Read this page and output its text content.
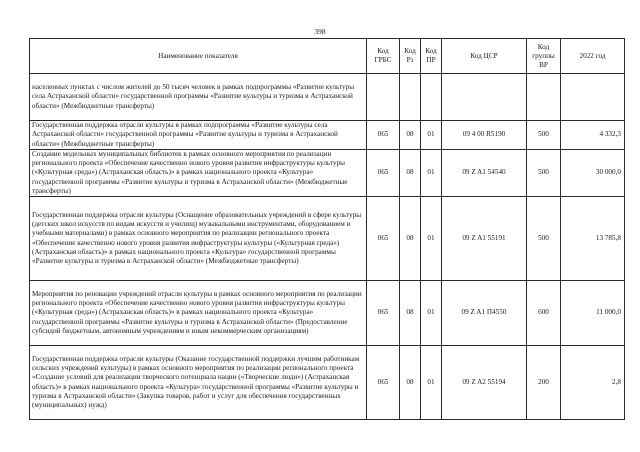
398
Наименование показателя	Код ГРБС	Код Рз	Код ПР	Код ЦСР	Код группы ВР	2022 год
населенных пунктах с числом жителей до 50 тысяч человек в рамках подпрограммы «Развитие культуры села Астраханской области» государственной программы «Развитие культуры и туризма в Астраханской области» (Межбюджетные трансферты)						
Государственная поддержка отрасли культуры в рамках подпрограммы «Развитие культуры села Астраханской области» государственной программы «Развитие культуры и туризма в Астраханской области» (Межбюджетные трансферты)	065	08	01	09 4 00 R5190	500	4 332,3
Создание модельных муниципальных библиотек в рамках основного мероприятия по реализации регионального проекта «Обеспечение качественно нового уровня развития инфраструктуры культуры («Культурная среда») (Астраханская область)» в рамках национального проекта «Культура» государственной программы «Развитие культуры и туризма в Астраханской области» (Межбюджетные трансферты)	065	08	01	09 Z A1 54540	500	30 000,0
Государственная поддержка отрасли культуры (Оснащение образовательных учреждений в сфере культуры (детских школ искусств по видам искусств и училищ) музыкальными инструментами, оборудованием и учебными материалами) в рамках основного мероприятия по реализации регионального проекта «Обеспечение качественно нового уровня развития инфраструктуры культуры («Культурная среда») (Астраханская область)» в рамках национального проекта «Культура» государственной программы «Развитие культуры и туризма в Астраханской области» (Межбюджетные трансферты)	065	08	01	09 Z A1 55191	500	13 785,8
Мероприятия по реновации учреждений отрасли культуры в рамках основного мероприятия по реализации регионального проекта «Обеспечение качественно нового уровня развития инфраструктуры культуры («Культурная среда») (Астраханская область)» в рамках национального проекта «Культура» государственной программы «Развитие культуры и туризма в Астраханской области» (Предоставление субсидий бюджетным, автономным учреждениям и иным некоммерческим организациям)	065	08	01	09 Z A1 П4550	600	11 000,0
Государственная поддержка отрасли культуры (Оказание государственной поддержки лучшим работникам сельских учреждений культуры) в рамках основного мероприятия по реализации регионального проекта «Создание условий для реализации творческого потенциала нации («Творческие люди») (Астраханская область)» в рамках национального проекта «Культура» государственной программы «Развитие культуры и туризма в Астраханской области» (Закупка товаров, работ и услуг для обеспечения государственных (муниципальных) нужд)	065	08	01	09 Z A2 55194	200	2,8
